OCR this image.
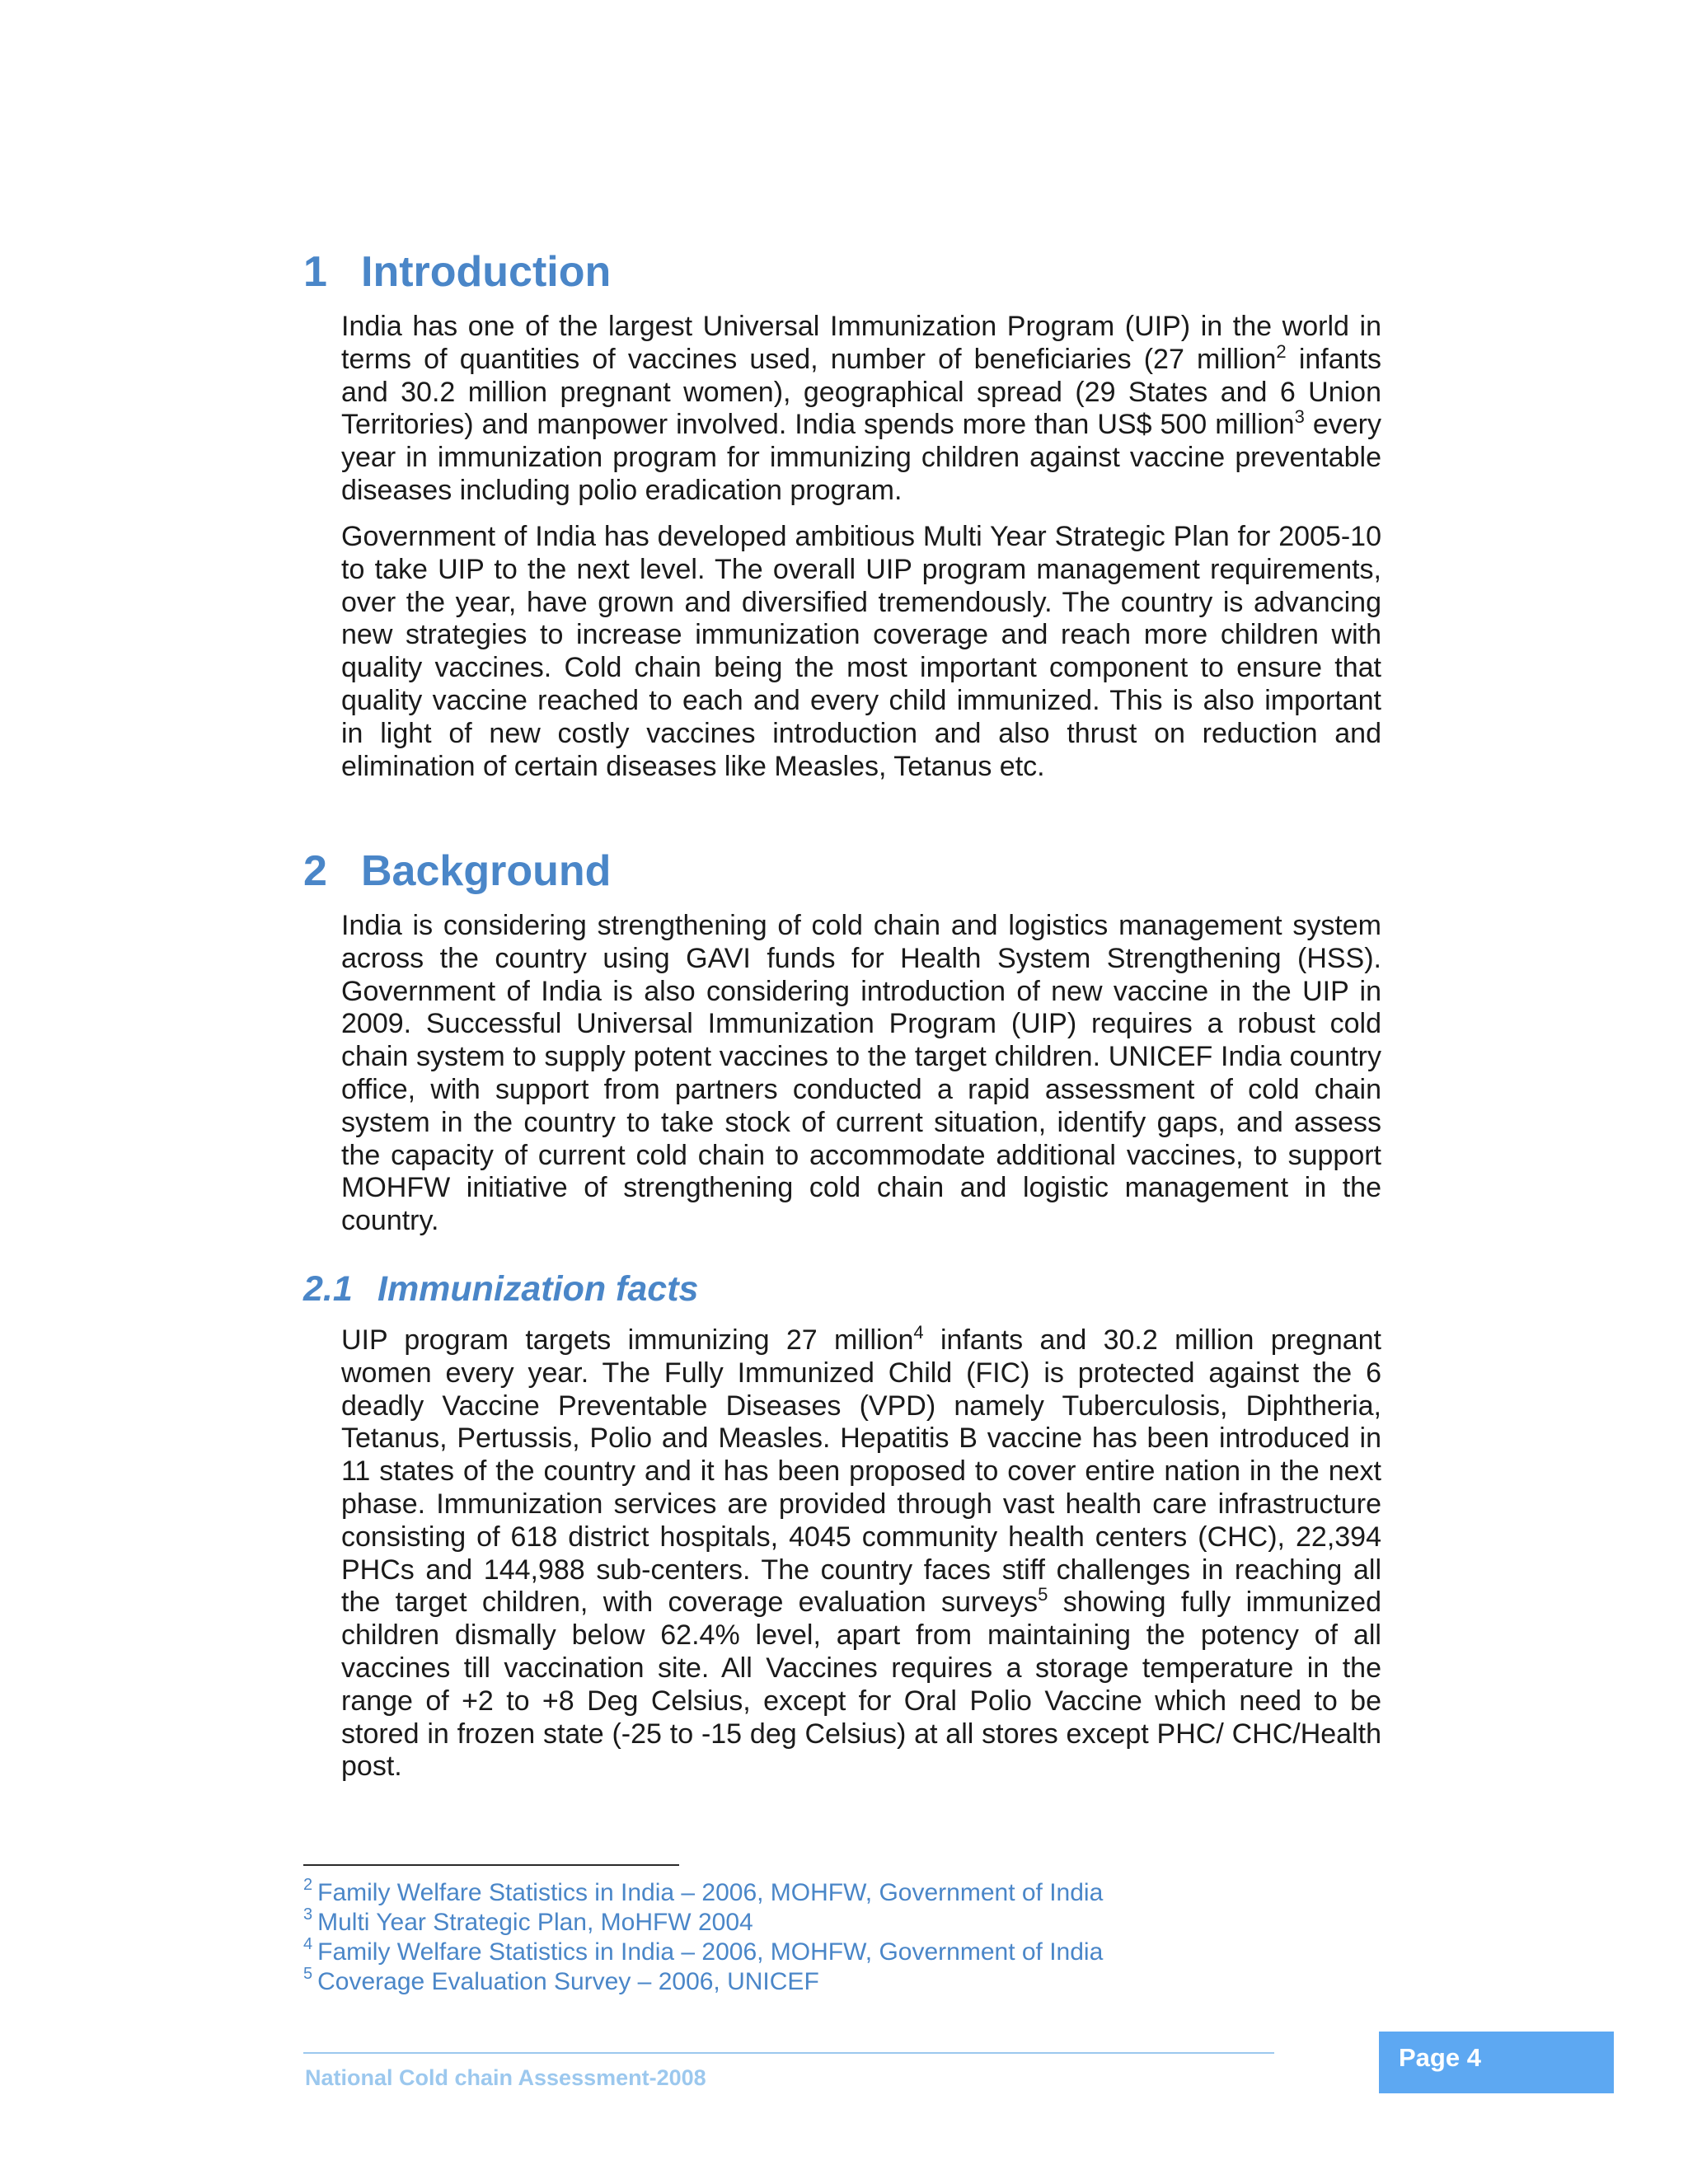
1 Introduction

India has one of the largest Universal Immunization Program (UIP) in the world in terms of quantities of vaccines used, number of beneficiaries (27 million$^2$ infants and 30.2 million pregnant women), geographical spread (29 States and 6 Union Territories) and manpower involved. India spends more than US$ 500 million$^3$ every year in immunization program for immunizing children against vaccine preventable diseases including polio eradication program.

Government of India has developed ambitious Multi Year Strategic Plan for 2005-10 to take UIP to the next level. The overall UIP program management requirements, over the year, have grown and diversified tremendously. The country is advancing new strategies to increase immunization coverage and reach more children with quality vaccines. Cold chain being the most important component to ensure that quality vaccine reached to each and every child immunized. This is also important in light of new costly vaccines introduction and also thrust on reduction and elimination of certain diseases like Measles, Tetanus etc.

2 Background

India is considering strengthening of cold chain and logistics management system across the country using GAVI funds for Health System Strengthening (HSS). Government of India is also considering introduction of new vaccine in the UIP in 2009. Successful Universal Immunization Program (UIP) requires a robust cold chain system to supply potent vaccines to the target children. UNICEF India country office, with support from partners conducted a rapid assessment of cold chain system in the country to take stock of current situation, identify gaps, and assess the capacity of current cold chain to accommodate additional vaccines, to support MOHFW initiative of strengthening cold chain and logistic management in the country.

2.1 Immunization facts

UIP program targets immunizing 27 million$^4$ infants and 30.2 million pregnant women every year. The Fully Immunized Child (FIC) is protected against the 6 deadly Vaccine Preventable Diseases (VPD) namely Tuberculosis, Diphtheria, Tetanus, Pertussis, Polio and Measles. Hepatitis B vaccine has been introduced in 11 states of the country and it has been proposed to cover entire nation in the next phase. Immunization services are provided through vast health care infrastructure consisting of 618 district hospitals, 4045 community health centers (CHC), 22,394 PHCs and 144,988 sub-centers. The country faces stiff challenges in reaching all the target children, with coverage evaluation surveys$^5$ showing fully immunized children dismally below 62.4% level, apart from maintaining the potency of all vaccines till vaccination site. All Vaccines requires a storage temperature in the range of +2 to +8 Deg Celsius, except for Oral Polio Vaccine which need to be stored in frozen state (-25 to -15 deg Celsius) at all stores except PHC/ CHC/Health post.

$^2$ Family Welfare Statistics in India – 2006, MOHFW, Government of India
$^3$ Multi Year Strategic Plan, MoHFW 2004
$^4$ Family Welfare Statistics in India – 2006, MOHFW, Government of India
$^5$ Coverage Evaluation Survey – 2006, UNICEF
National Cold chain Assessment-2008
Page 4
